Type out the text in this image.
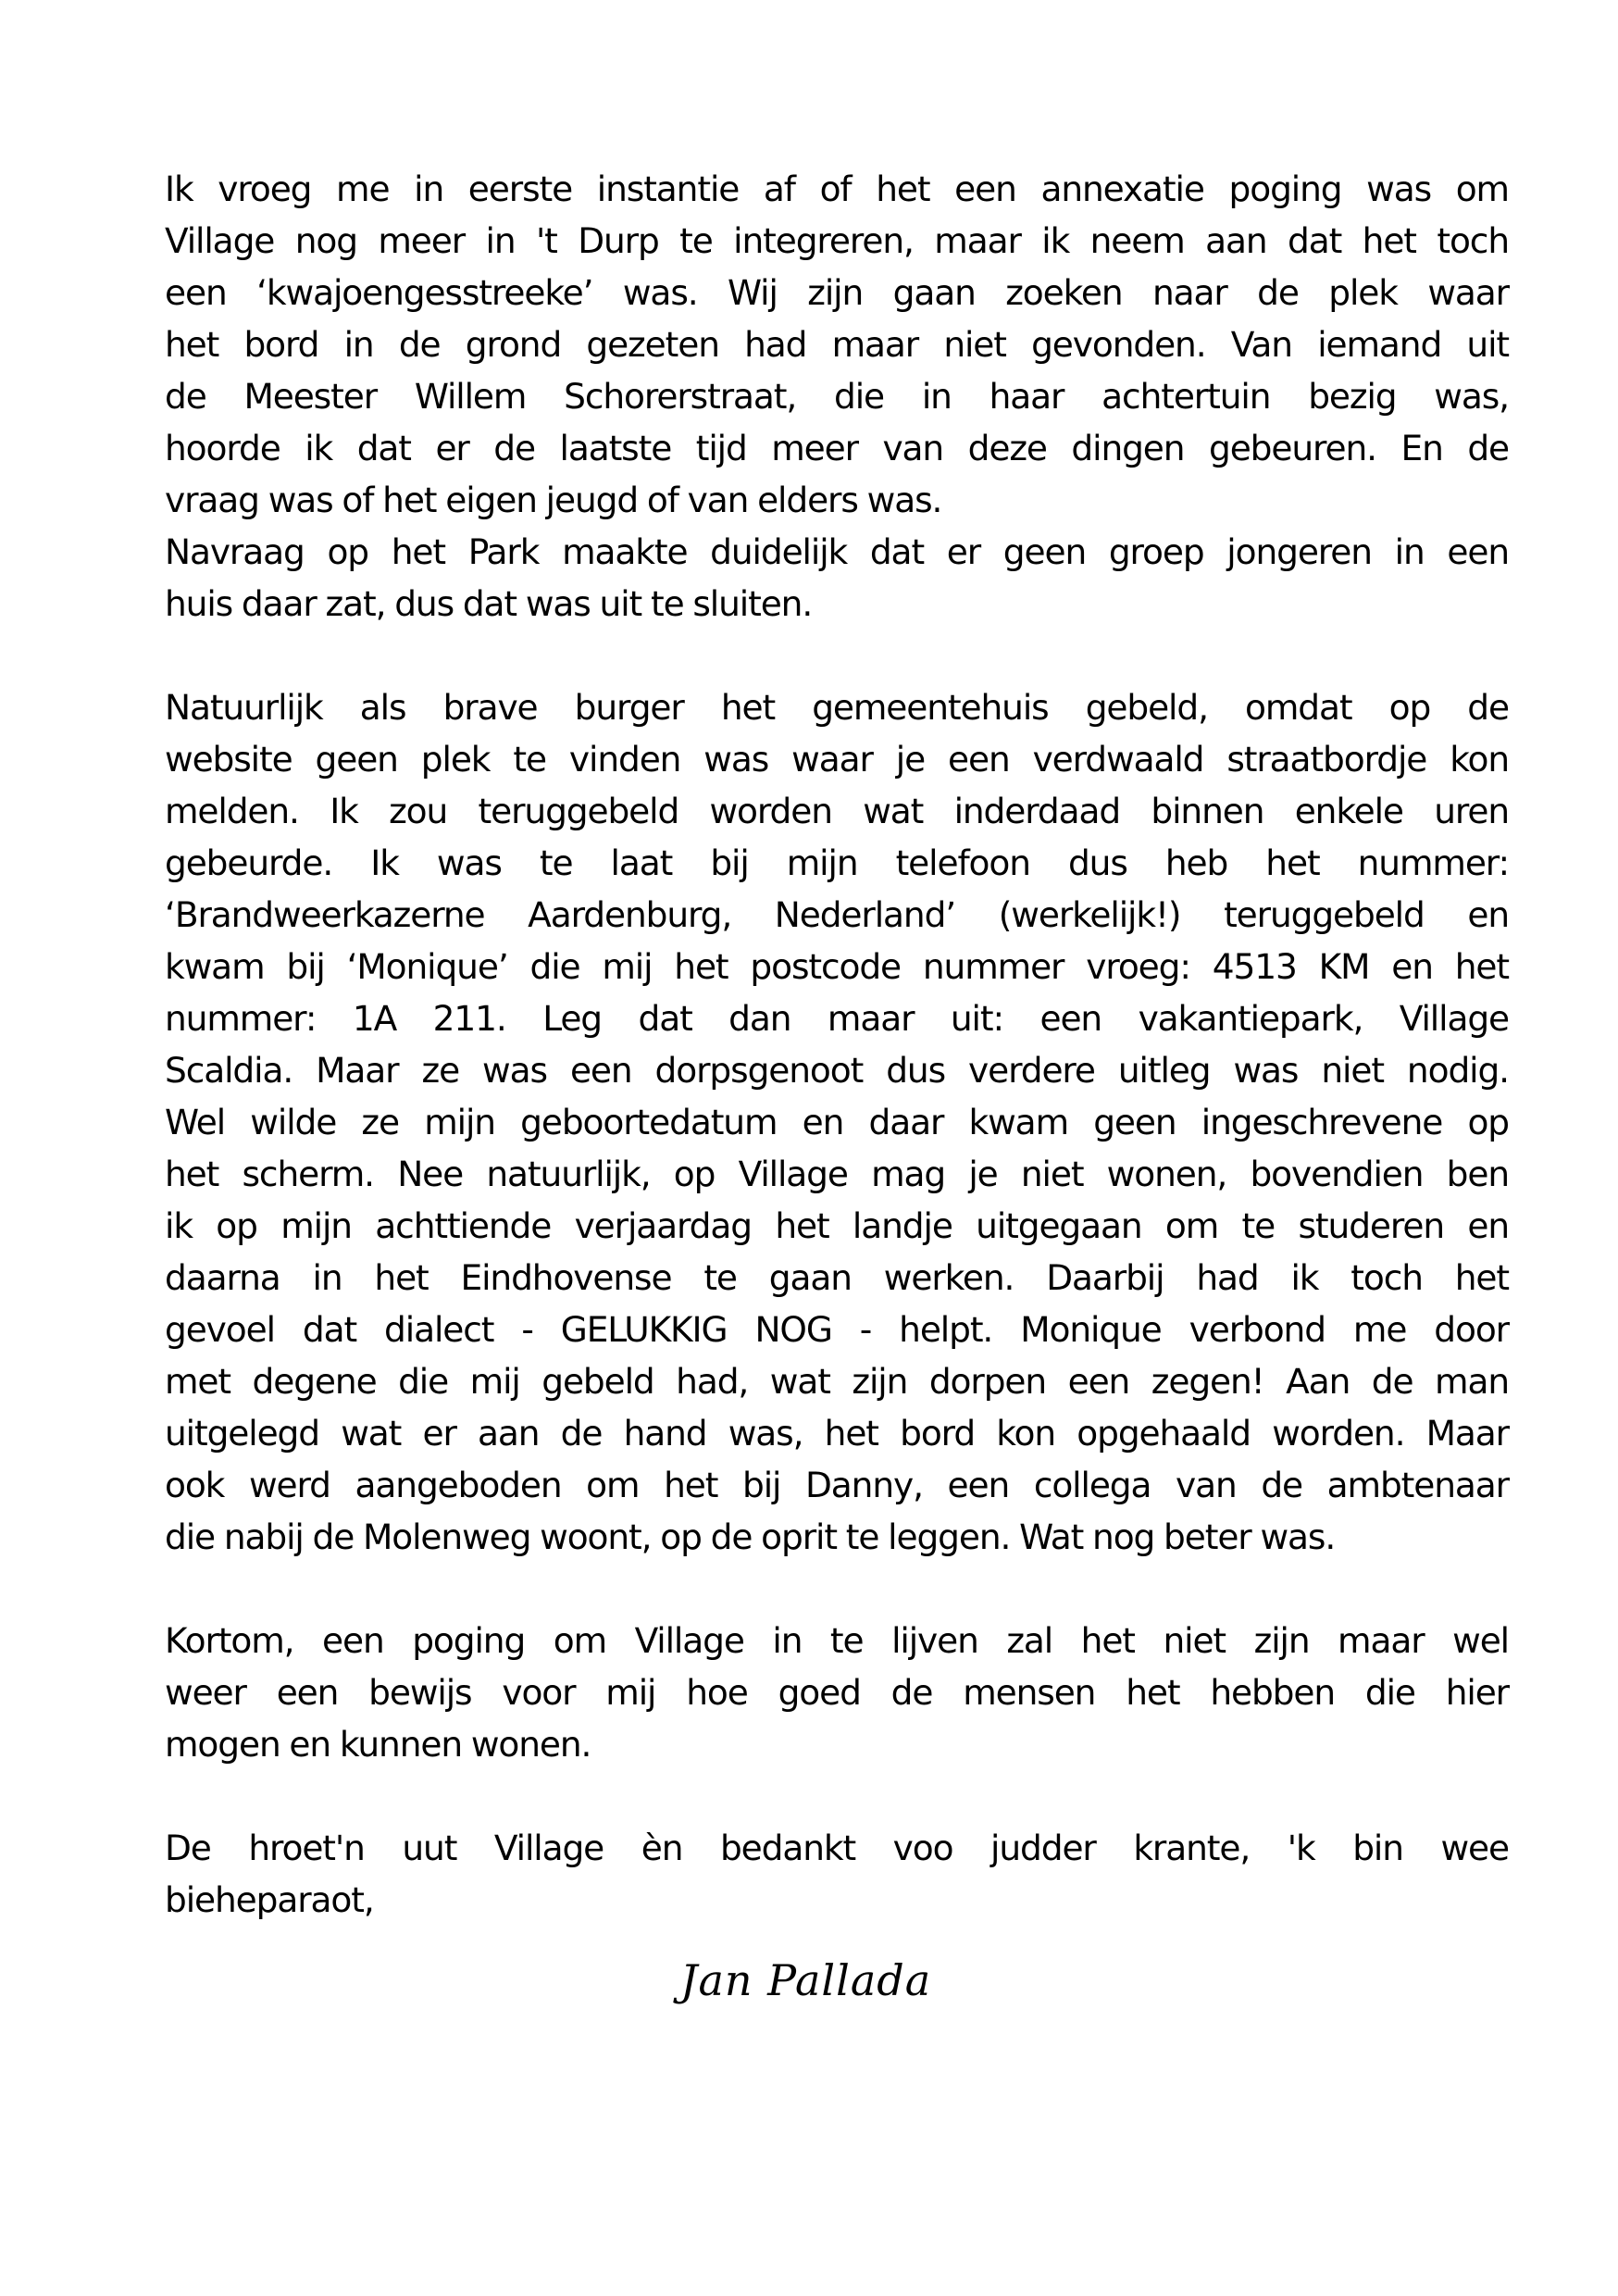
Ik vroeg me in eerste instantie af of het een annexatie poging was om
Village nog meer in 't Durp te integreren, maar ik neem aan dat het toch
een ‘kwajoengesstreeke’ was. Wij zijn gaan zoeken naar de plek waar
het bord in de grond gezeten had maar niet gevonden. Van iemand uit
de Meester Willem Schorerstraat, die in haar achtertuin bezig was,
hoorde ik dat er de laatste tijd meer van deze dingen gebeuren. En de
vraag was of het eigen jeugd of van elders was.
Navraag op het Park maakte duidelijk dat er geen groep jongeren in een
huis daar zat, dus dat was uit te sluiten.
Natuurlijk als brave burger het gemeentehuis gebeld, omdat op de
website geen plek te vinden was waar je een verdwaald straatbordje kon
melden. Ik zou teruggebeld worden wat inderdaad binnen enkele uren
gebeurde. Ik was te laat bij mijn telefoon dus heb het nummer:
‘Brandweerkazerne Aardenburg, Nederland’ (werkelijk!) teruggebeld en
kwam bij ‘Monique’ die mij het postcode nummer vroeg: 4513 KM en het
nummer: 1A 211. Leg dat dan maar uit: een vakantiepark, Village
Scaldia. Maar ze was een dorpsgenoot dus verdere uitleg was niet nodig.
Wel wilde ze mijn geboortedatum en daar kwam geen ingeschrevene op
het scherm. Nee natuurlijk, op Village mag je niet wonen, bovendien ben
ik op mijn achttiende verjaardag het landje uitgegaan om te studeren en
daarna in het Eindhovense te gaan werken. Daarbij had ik toch het
gevoel dat dialect - GELUKKIG NOG - helpt. Monique verbond me door
met degene die mij gebeld had, wat zijn dorpen een zegen! Aan de man
uitgelegd wat er aan de hand was, het bord kon opgehaald worden. Maar
ook werd aangeboden om het bij Danny, een collega van de ambtenaar
die nabij de Molenweg woont, op de oprit te leggen. Wat nog beter was.
Kortom, een poging om Village in te lijven zal het niet zijn maar wel
weer een bewijs voor mij hoe goed de mensen het hebben die hier
mogen en kunnen wonen.
De hroet'n uut Village èn bedankt voo judder krante, 'k bin wee
bieheparaot,
Jan Pallada
